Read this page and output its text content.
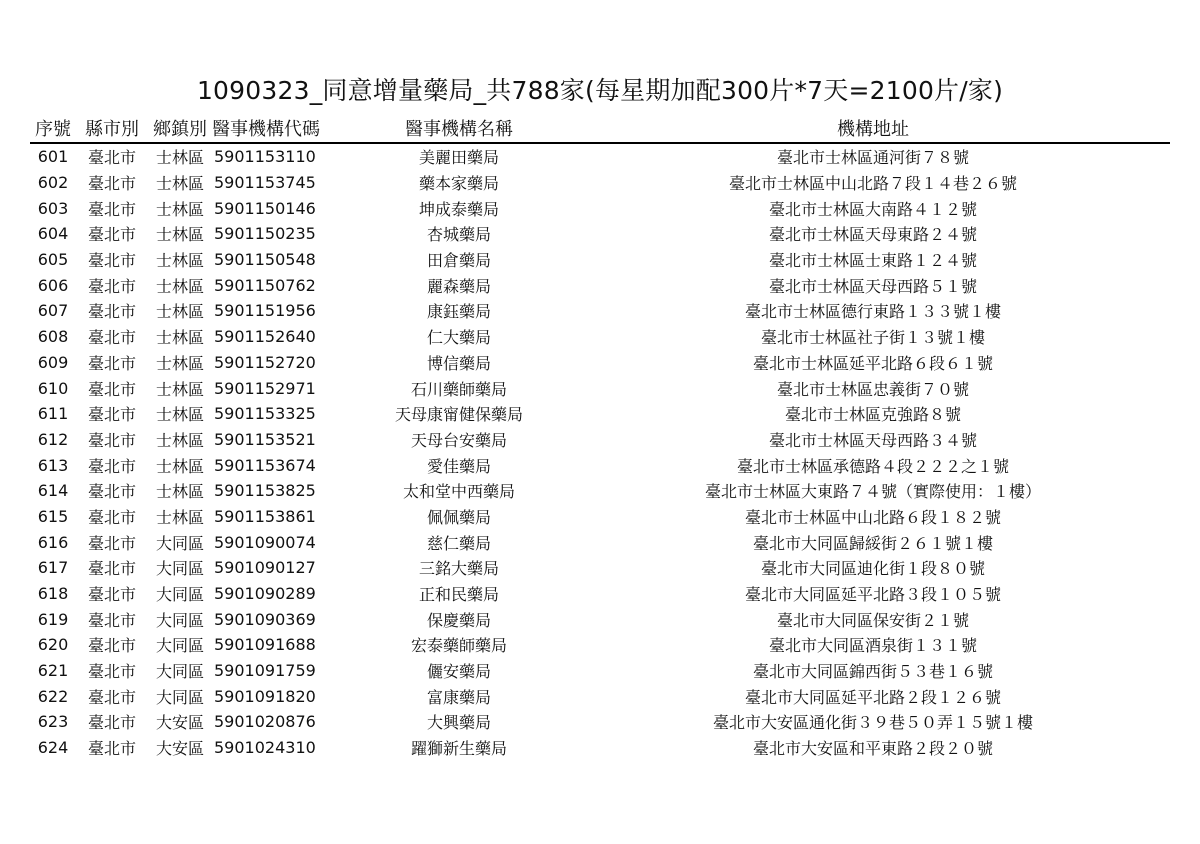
1090323_同意增量藥局_共788家(每星期加配300片*7天=2100片/家)
序號	縣市別	鄉鎮別	醫事機構代碼	醫事機構名稱	機構地址
601	臺北市	士林區	5901153110	美麗田藥局	臺北市士林區通河街７８號
602	臺北市	士林區	5901153745	藥本家藥局	臺北市士林區中山北路７段１４巷２６號
603	臺北市	士林區	5901150146	坤成泰藥局	臺北市士林區大南路４１２號
604	臺北市	士林區	5901150235	杏城藥局	臺北市士林區天母東路２４號
605	臺北市	士林區	5901150548	田倉藥局	臺北市士林區士東路１２４號
606	臺北市	士林區	5901150762	麗森藥局	臺北市士林區天母西路５１號
607	臺北市	士林區	5901151956	康鈺藥局	臺北市士林區德行東路１３３號１樓
608	臺北市	士林區	5901152640	仁大藥局	臺北市士林區社子街１３號１樓
609	臺北市	士林區	5901152720	博信藥局	臺北市士林區延平北路６段６１號
610	臺北市	士林區	5901152971	石川藥師藥局	臺北市士林區忠義街７０號
611	臺北市	士林區	5901153325	天母康甯健保藥局	臺北市士林區克強路８號
612	臺北市	士林區	5901153521	天母台安藥局	臺北市士林區天母西路３４號
613	臺北市	士林區	5901153674	愛佳藥局	臺北市士林區承德路４段２２２之１號
614	臺北市	士林區	5901153825	太和堂中西藥局	臺北市士林區大東路７４號（實際使用：１樓）
615	臺北市	士林區	5901153861	佩佩藥局	臺北市士林區中山北路６段１８２號
616	臺北市	大同區	5901090074	慈仁藥局	臺北市大同區歸綏街２６１號１樓
617	臺北市	大同區	5901090127	三銘大藥局	臺北市大同區迪化街１段８０號
618	臺北市	大同區	5901090289	正和民藥局	臺北市大同區延平北路３段１０５號
619	臺北市	大同區	5901090369	保慶藥局	臺北市大同區保安街２１號
620	臺北市	大同區	5901091688	宏泰藥師藥局	臺北市大同區酒泉街１３１號
621	臺北市	大同區	5901091759	儷安藥局	臺北市大同區錦西街５３巷１６號
622	臺北市	大同區	5901091820	富康藥局	臺北市大同區延平北路２段１２６號
623	臺北市	大安區	5901020876	大興藥局	臺北市大安區通化街３９巷５０弄１５號１樓
624	臺北市	大安區	5901024310	躍獅新生藥局	臺北市大安區和平東路２段２０號
